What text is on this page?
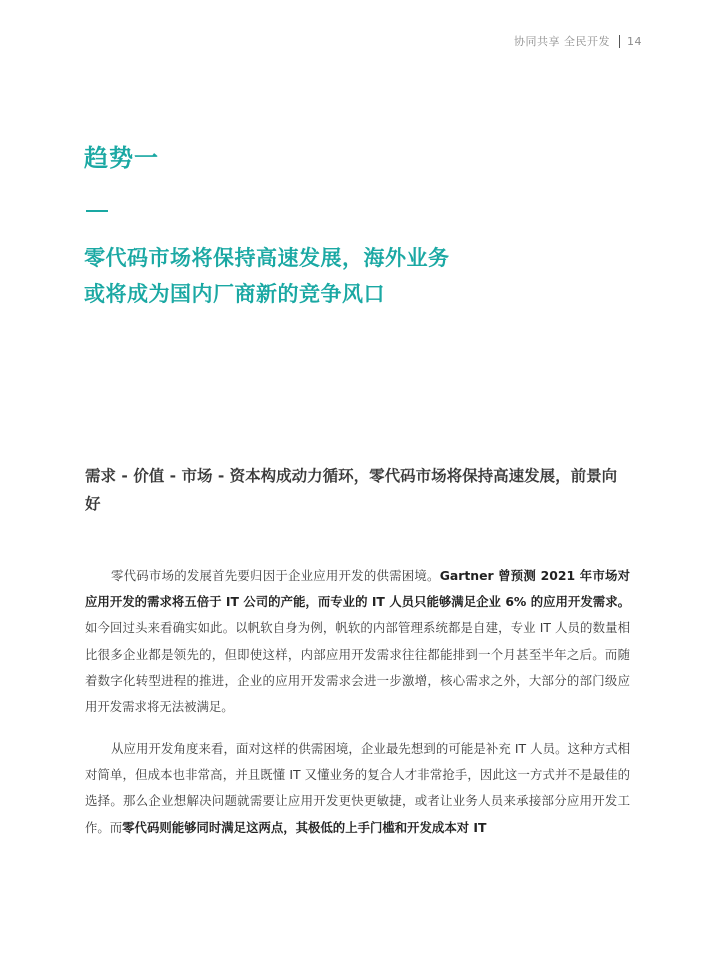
协同共享 全民开发 14
趋势一
零代码市场将保持高速发展，海外业务
或将成为国内厂商新的竞争风口
需求 - 价值 - 市场 - 资本构成动力循环，零代码市场将保持高速发展，前景向好
零代码市场的发展首先要归因于企业应用开发的供需困境。Gartner 曾预测 2021 年市场对应用开发的需求将五倍于 IT 公司的产能，而专业的 IT 人员只能够满足企业 6% 的应用开发需求。如今回过头来看确实如此。以帆软自身为例，帆软的内部管理系统都是自建，专业 IT 人员的数量相比很多企业都是领先的，但即使这样，内部应用开发需求往往都能排到一个月甚至半年之后。而随着数字化转型进程的推进，企业的应用开发需求会进一步激增，核心需求之外，大部分的部门级应用开发需求将无法被满足。
从应用开发角度来看，面对这样的供需困境，企业最先想到的可能是补充 IT 人员。这种方式相对简单，但成本也非常高，并且既懂 IT 又懂业务的复合人才非常抢手，因此这一方式并不是最佳的选择。那么企业想解决问题就需要让应用开发更快更敏捷，或者让业务人员来承接部分应用开发工作。而零代码则能够同时满足这两点，其极低的上手门槛和开发成本对 IT
